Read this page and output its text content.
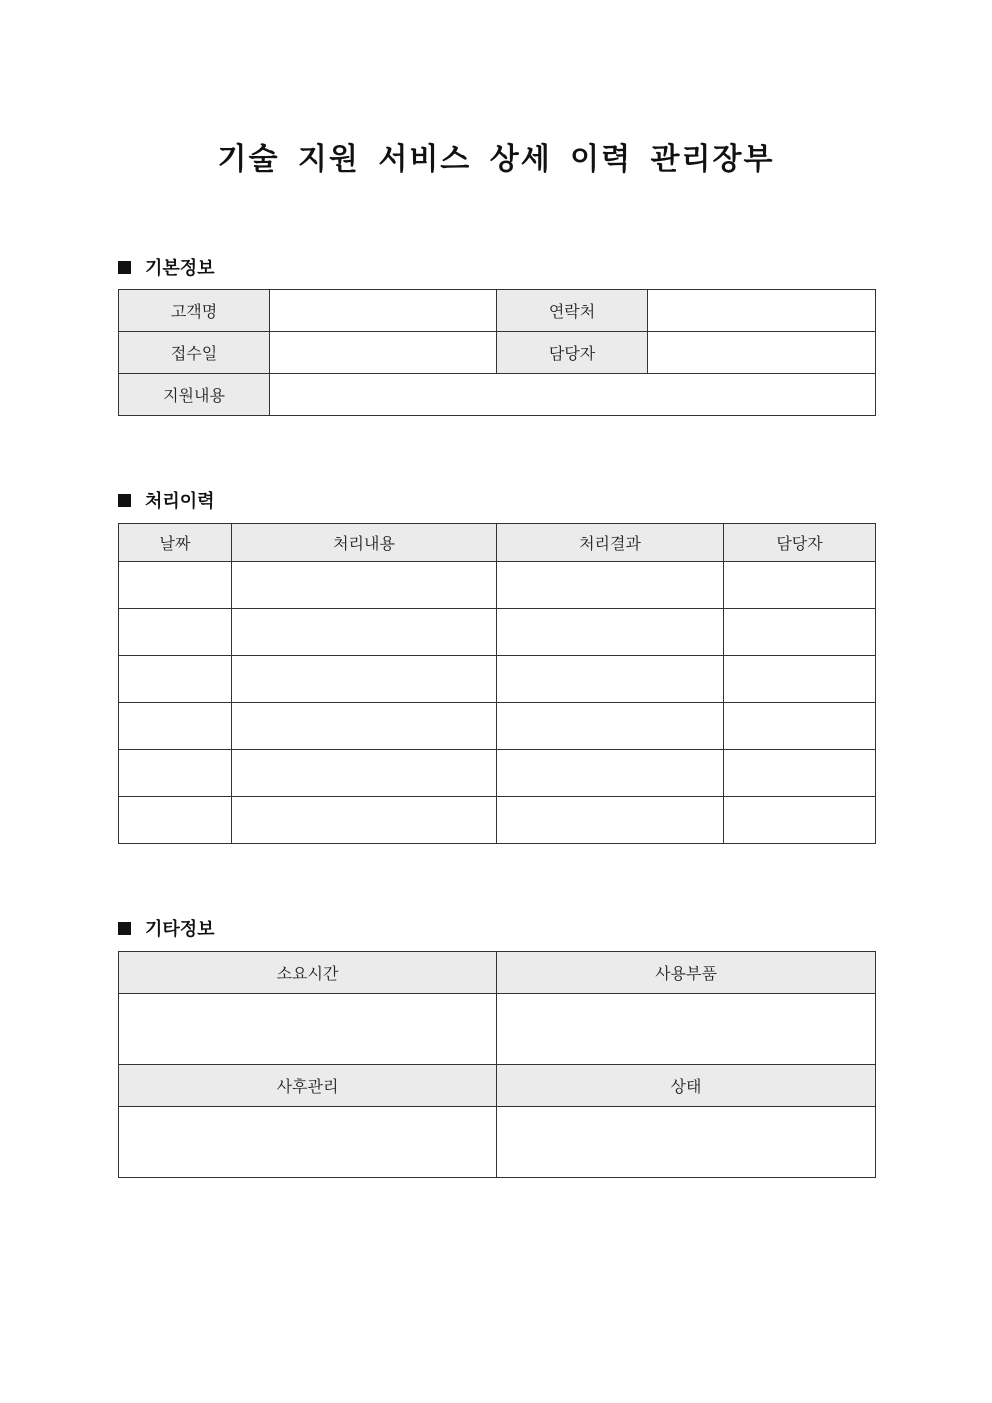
기술 지원 서비스 상세 이력 관리장부
기본정보
고객명		연락처	
접수일		담당자	
지원내용			
처리이력
날짜	처리내용	처리결과	담당자

기타정보
소요시간	사용부품

사후관리	상태
